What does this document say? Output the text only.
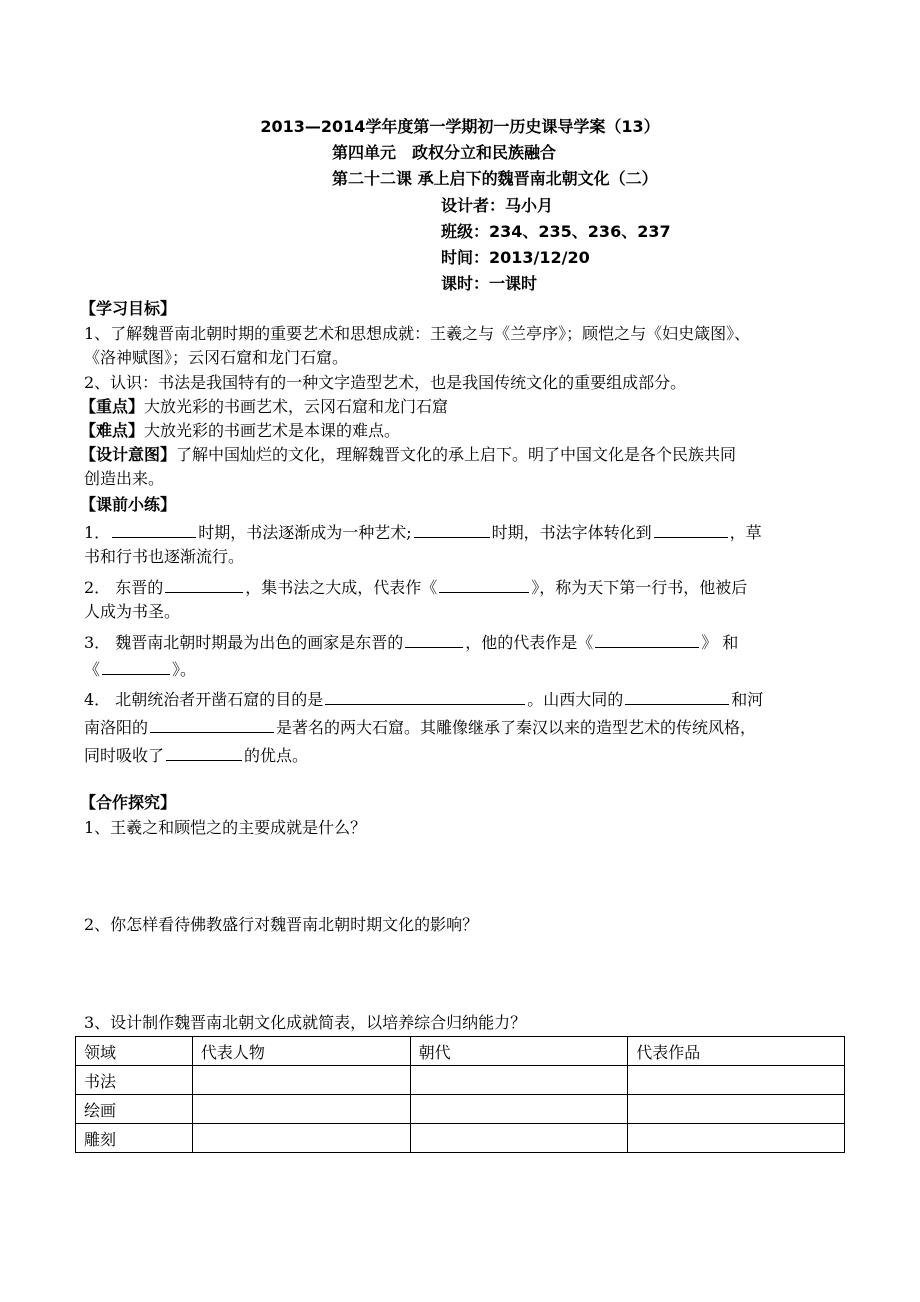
2013—2014学年度第一学期初一历史课导学案（13）
第四单元　政权分立和民族融合
第二十二课 承上启下的魏晋南北朝文化（二）
设计者：马小月
班级：234、235、236、237
时间：2013/12/20
课时：一课时
【学习目标】
1、了解魏晋南北朝时期的重要艺术和思想成就：王羲之与《兰亭序》；顾恺之与《妇史箴图》、
《洛神赋图》；云冈石窟和龙门石窟。
2、认识：书法是我国特有的一种文字造型艺术，也是我国传统文化的重要组成部分。
【重点】大放光彩的书画艺术，云冈石窟和龙门石窟
【难点】大放光彩的书画艺术是本课的难点。
【设计意图】了解中国灿烂的文化，理解魏晋文化的承上启下。明了中国文化是各个民族共同
创造出来。
【课前小练】
1．	时期，书法逐渐成为一种艺术;	时期，书法字体转化到	，草
书和行书也逐渐流行。
2． 东晋的	，集书法之大成，代表作《	》，称为天下第一行书，他被后
人成为书圣。
3． 魏晋南北朝时期最为出色的画家是东晋的	，他的代表作是《	》 和
《	》。
4． 北朝统治者开凿石窟的目的是	。山西大同的	和河
南洛阳的	是著名的两大石窟。其雕像继承了秦汉以来的造型艺术的传统风格，
同时吸收了	的优点。
【合作探究】
1、王羲之和顾恺之的主要成就是什么？
2、你怎样看待佛教盛行对魏晋南北朝时期文化的影响？
3、设计制作魏晋南北朝文化成就简表，以培养综合归纳能力？
领域	代表人物	朝代	代表作品
书法			
绘画			
雕刻			
